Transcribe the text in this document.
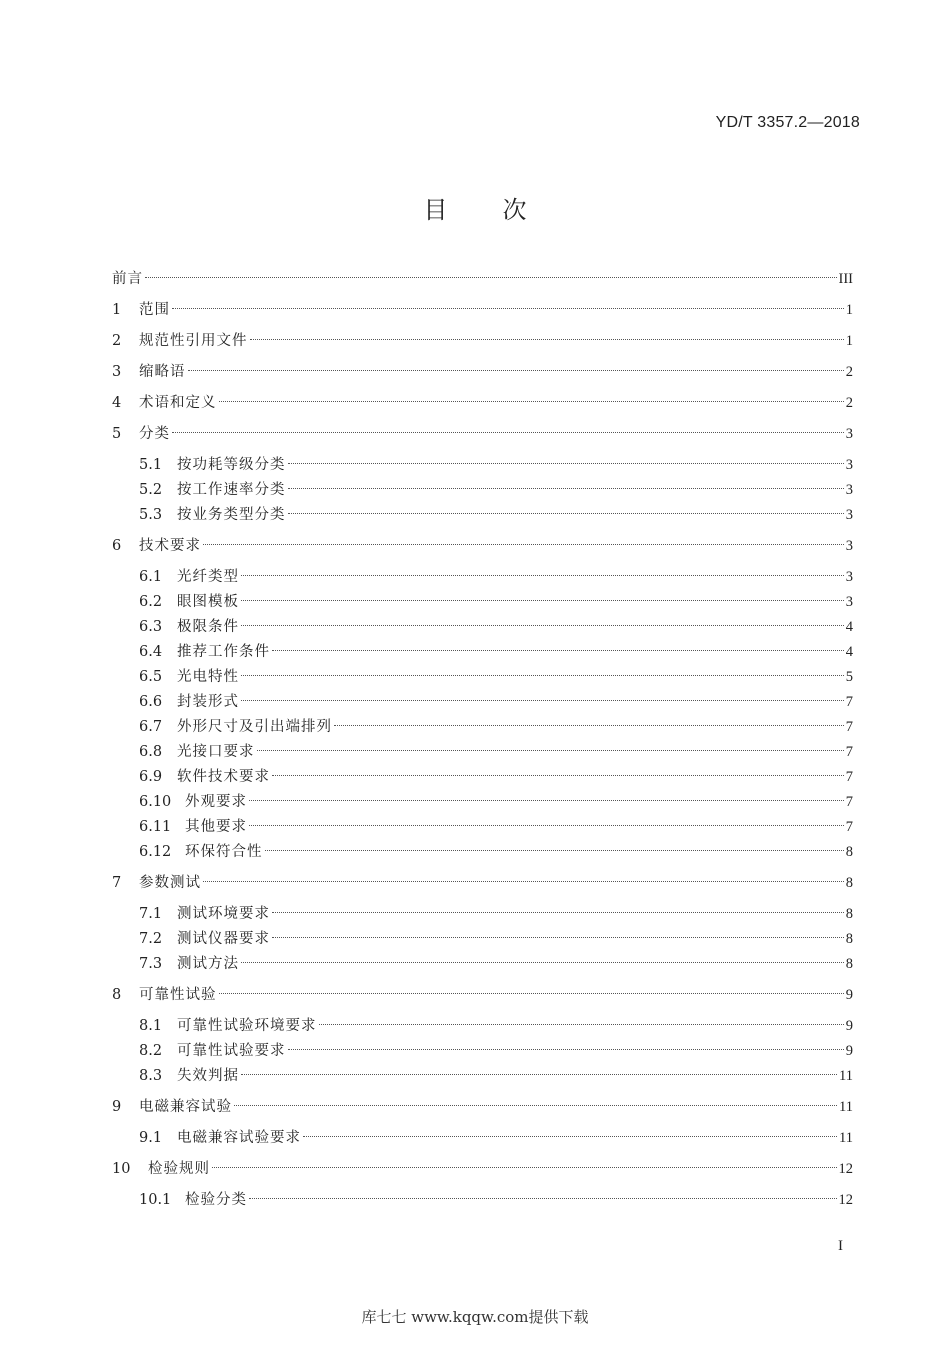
YD/T 3357.2—2018
目 次
前言	III
1	范围	1
2	规范性引用文件	1
3	缩略语	2
4	术语和定义	2
5	分类	3
5.1	按功耗等级分类	3
5.2	按工作速率分类	3
5.3	按业务类型分类	3
6	技术要求	3
6.1	光纤类型	3
6.2	眼图模板	3
6.3	极限条件	4
6.4	推荐工作条件	4
6.5	光电特性	5
6.6	封装形式	7
6.7	外形尺寸及引出端排列	7
6.8	光接口要求	7
6.9	软件技术要求	7
6.10 外观要求	7
6.11 其他要求	7
6.12 环保符合性	8
7	参数测试	8
7.1	测试环境要求	8
7.2	测试仪器要求	8
7.3	测试方法	8
8	可靠性试验	9
8.1	可靠性试验环境要求	9
8.2	可靠性试验要求	9
8.3	失效判据	11
9	电磁兼容试验	11
9.1	电磁兼容试验要求	11
10	检验规则	12
10.1 检验分类	12
I
库七七 www.kqqw.com提供下载
